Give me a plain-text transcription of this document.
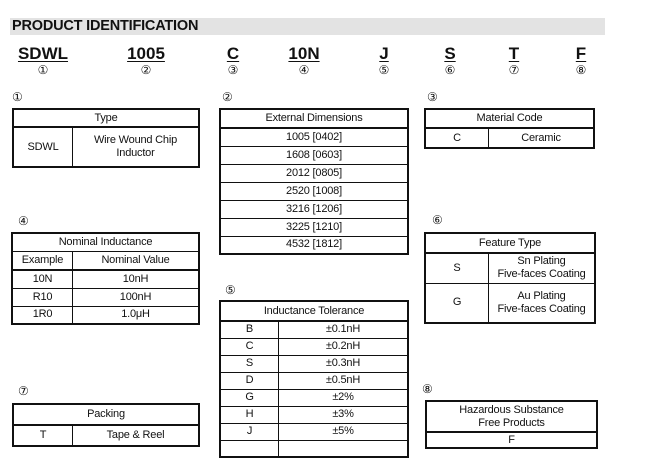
PRODUCT IDENTIFICATION
SDWL
①
1005
②
C
③
10N
④
J
⑤
S
⑥
T
⑦
F
⑧
①
Type
SDWL	Wire Wound Chip Inductor
②
External Dimensions
1005 [0402]
1608 [0603]
2012 [0805]
2520 [1008]
3216 [1206]
3225 [1210]
4532 [1812]
③
Material Code
C	Ceramic
④
Nominal Inductance	
Example	Nominal Value
10N	10nH
R10	100nH
1R0	1.0μH
⑤
Inductance Tolerance	
B	±0.1nH
C	±0.2nH
S	±0.3nH
D	±0.5nH
G	±2%
H	±3%
J	±5%

⑥
Feature Type	
S	Sn Plating
Five-faces Coating

G	Au Plating
Five-faces Coating
⑦
Packing
T	Tape & Reel
⑧
Hazardous Substance
Free Products

F
